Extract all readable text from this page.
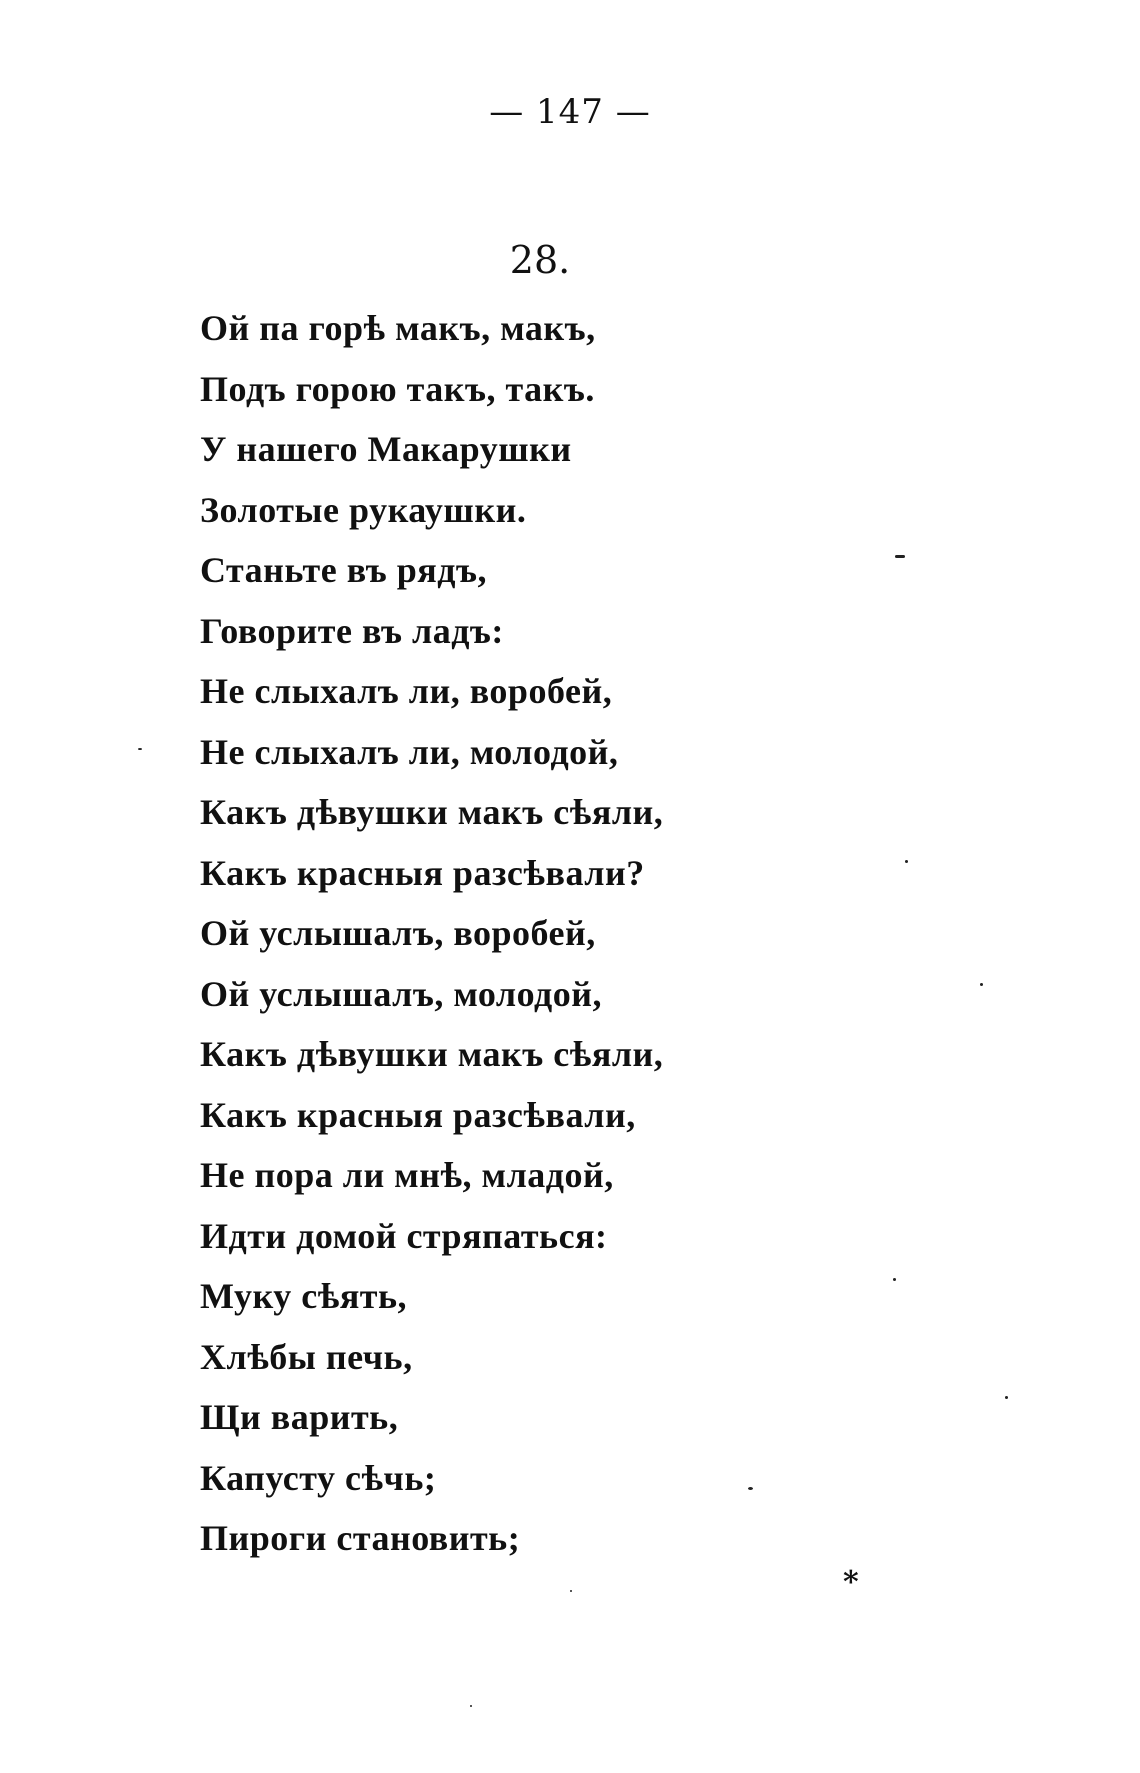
— 147 —
28.
Ой па горѣ макъ, макъ,
Подъ горою такъ, такъ.
У нашего Макарушки
Золотые рукаушки.
Станьте въ рядъ,
Говорите въ ладъ:
Не слыхалъ ли, воробей,
Не слыхалъ ли, молодой,
Какъ дѣвушки макъ сѣяли,
Какъ красныя разсѣвали?
Ой услышалъ, воробей,
Ой услышалъ, молодой,
Какъ дѣвушки макъ сѣяли,
Какъ красныя разсѣвали,
Не пора ли мнѣ, младой,
Идти домой стряпаться:
Муку сѣять,
Хлѣбы печь,
Щи варить,
Капусту сѣчь;
Пироги становить;
*
